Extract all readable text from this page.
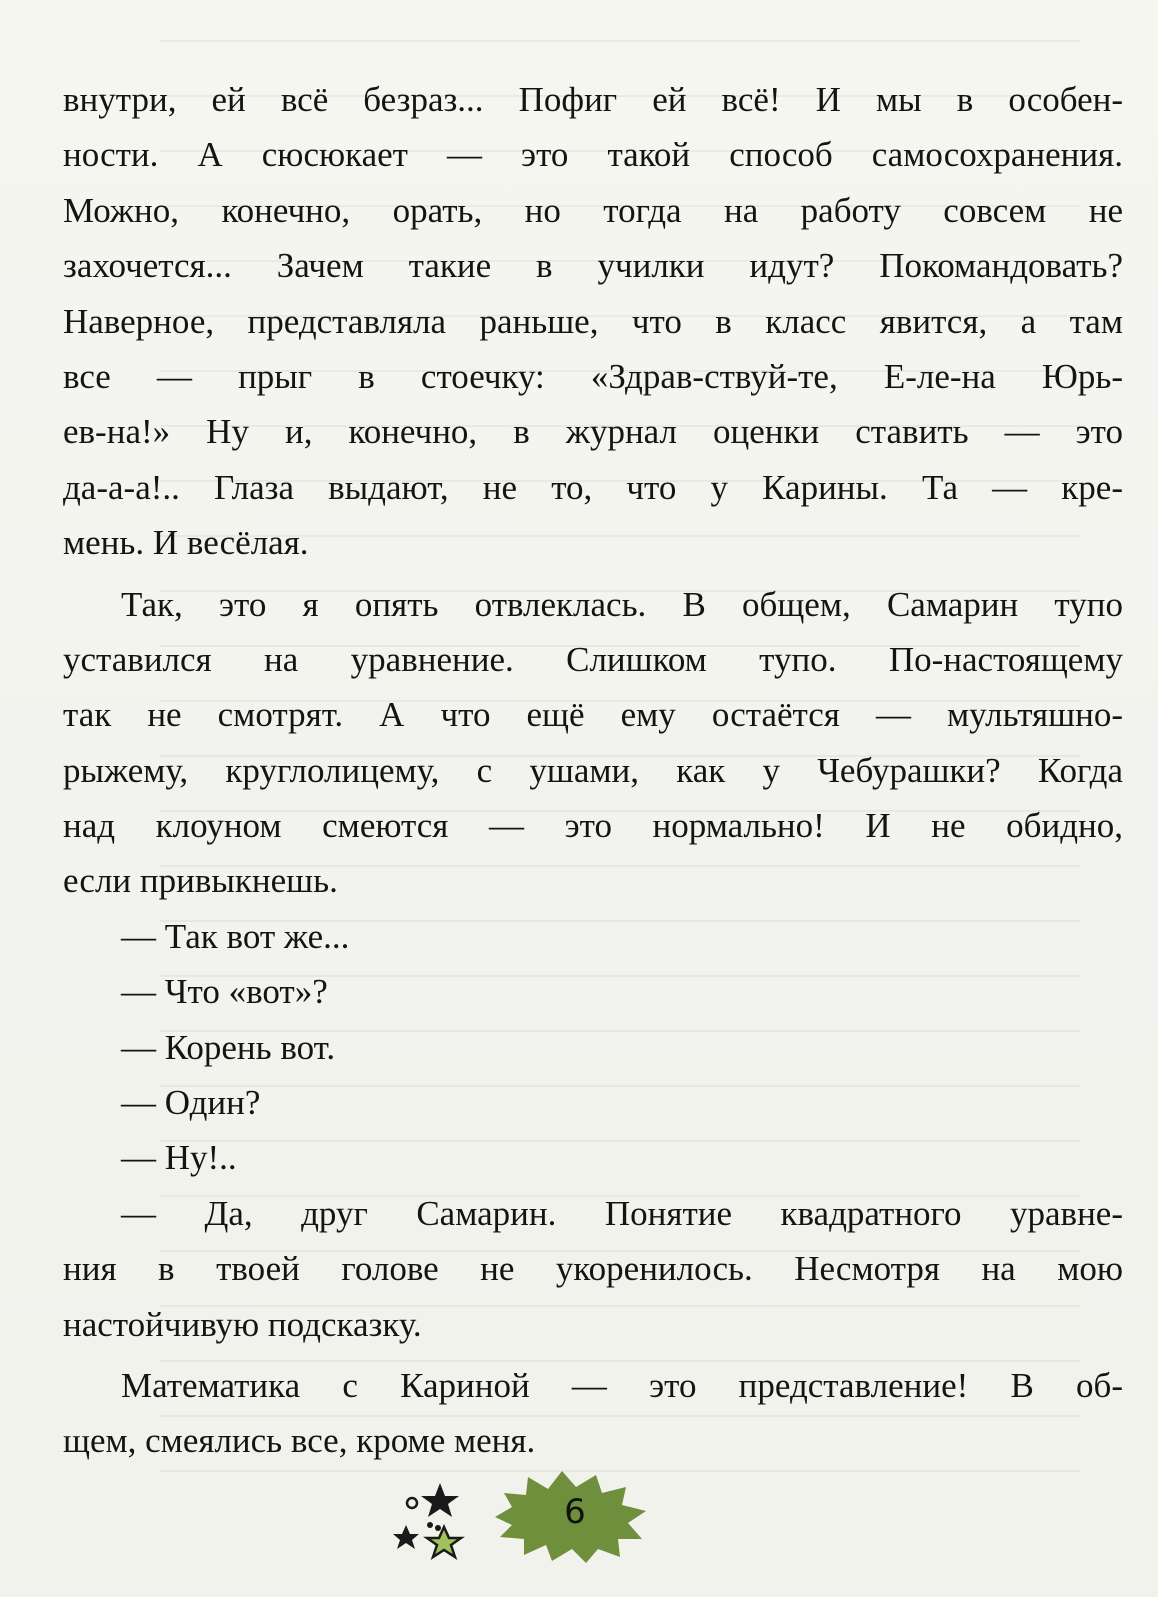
внутри, ей всё безраз... Пофиг ей всё! И мы в особен-
ности. А сюсюкает — это такой способ самосохранения.
Можно, конечно, орать, но тогда на работу совсем не
захочется... Зачем такие в училки идут? Покомандовать?
Наверное, представляла раньше, что в класс явится, а там
все — прыг в стоечку: «Здрав-ствуй-те, Е-ле-на Юрь-
ев-на!» Ну и, конечно, в журнал оценки ставить — это
да-а-а!.. Глаза выдают, не то, что у Карины. Та — кре-
мень. И весёлая.
Так, это я опять отвлеклась. В общем, Самарин тупо
уставился на уравнение. Слишком тупо. По-настоящему
так не смотрят. А что ещё ему остаётся — мультяшно-
рыжему, круглолицему, с ушами, как у Чебурашки? Когда
над клоуном смеются — это нормально! И не обидно,
если привыкнешь.
— Так вот же...
— Что «вот»?
— Корень вот.
— Один?
— Ну!..
— Да, друг Самарин. Понятие квадратного уравне-
ния в твоей голове не укоренилось. Несмотря на мою
настойчивую подсказку.
Математика с Кариной — это представление! В об-
щем, смеялись все, кроме меня.
6
